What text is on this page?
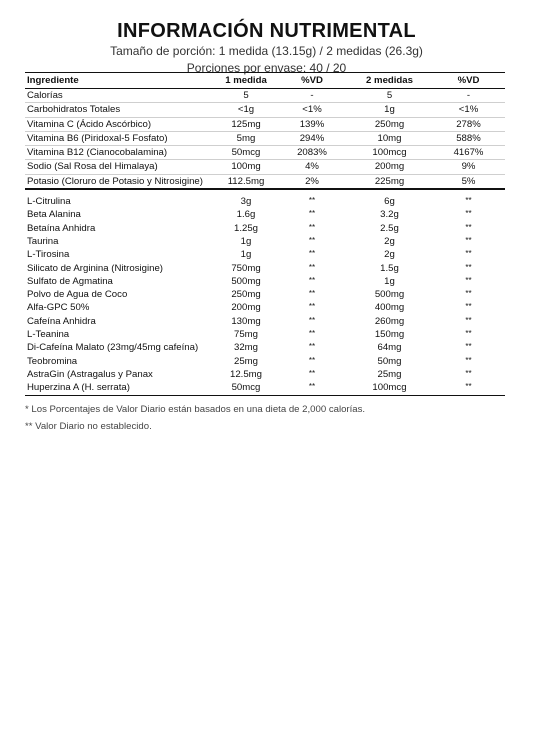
INFORMACIÓN NUTRIMENTAL
Tamaño de porción: 1 medida (13.15g) / 2 medidas (26.3g)
Porciones por envase: 40 / 20
Ingrediente	1 medida	%VD	2 medidas	%VD
Calorías	5	-	5	-
Carbohidratos Totales	<1g	<1%	1g	<1%
Vitamina C (Ácido Ascórbico)	125mg	139%	250mg	278%
Vitamina B6 (Piridoxal-5 Fosfato)	5mg	294%	10mg	588%
Vitamina B12 (Cianocobalamina)	50mcg	2083%	100mcg	4167%
Sodio (Sal Rosa del Himalaya)	100mg	4%	200mg	9%
Potasio (Cloruro de Potasio y Nitrosigine)	112.5mg	2%	225mg	5%
L-Citrulina	3g	**	6g	**
Beta Alanina	1.6g	**	3.2g	**
Betaína Anhidra	1.25g	**	2.5g	**
Taurina	1g	**	2g	**
L-Tirosina	1g	**	2g	**
Silicato de Arginina (Nitrosigine)	750mg	**	1.5g	**
Sulfato de Agmatina	500mg	**	1g	**
Polvo de Agua de Coco	250mg	**	500mg	**
Alfa-GPC 50%	200mg	**	400mg	**
Cafeína Anhidra	130mg	**	260mg	**
L-Teanina	75mg	**	150mg	**
Di-Cafeína Malato (23mg/45mg cafeína)	32mg	**	64mg	**
Teobromina	25mg	**	50mg	**
AstraGin (Astragalus y Panax	12.5mg	**	25mg	**
Huperzina A (H. serrata)	50mcg	**	100mcg	**
* Los Porcentajes de Valor Diario están basados en una dieta de 2,000 calorías.
** Valor Diario no establecido.
